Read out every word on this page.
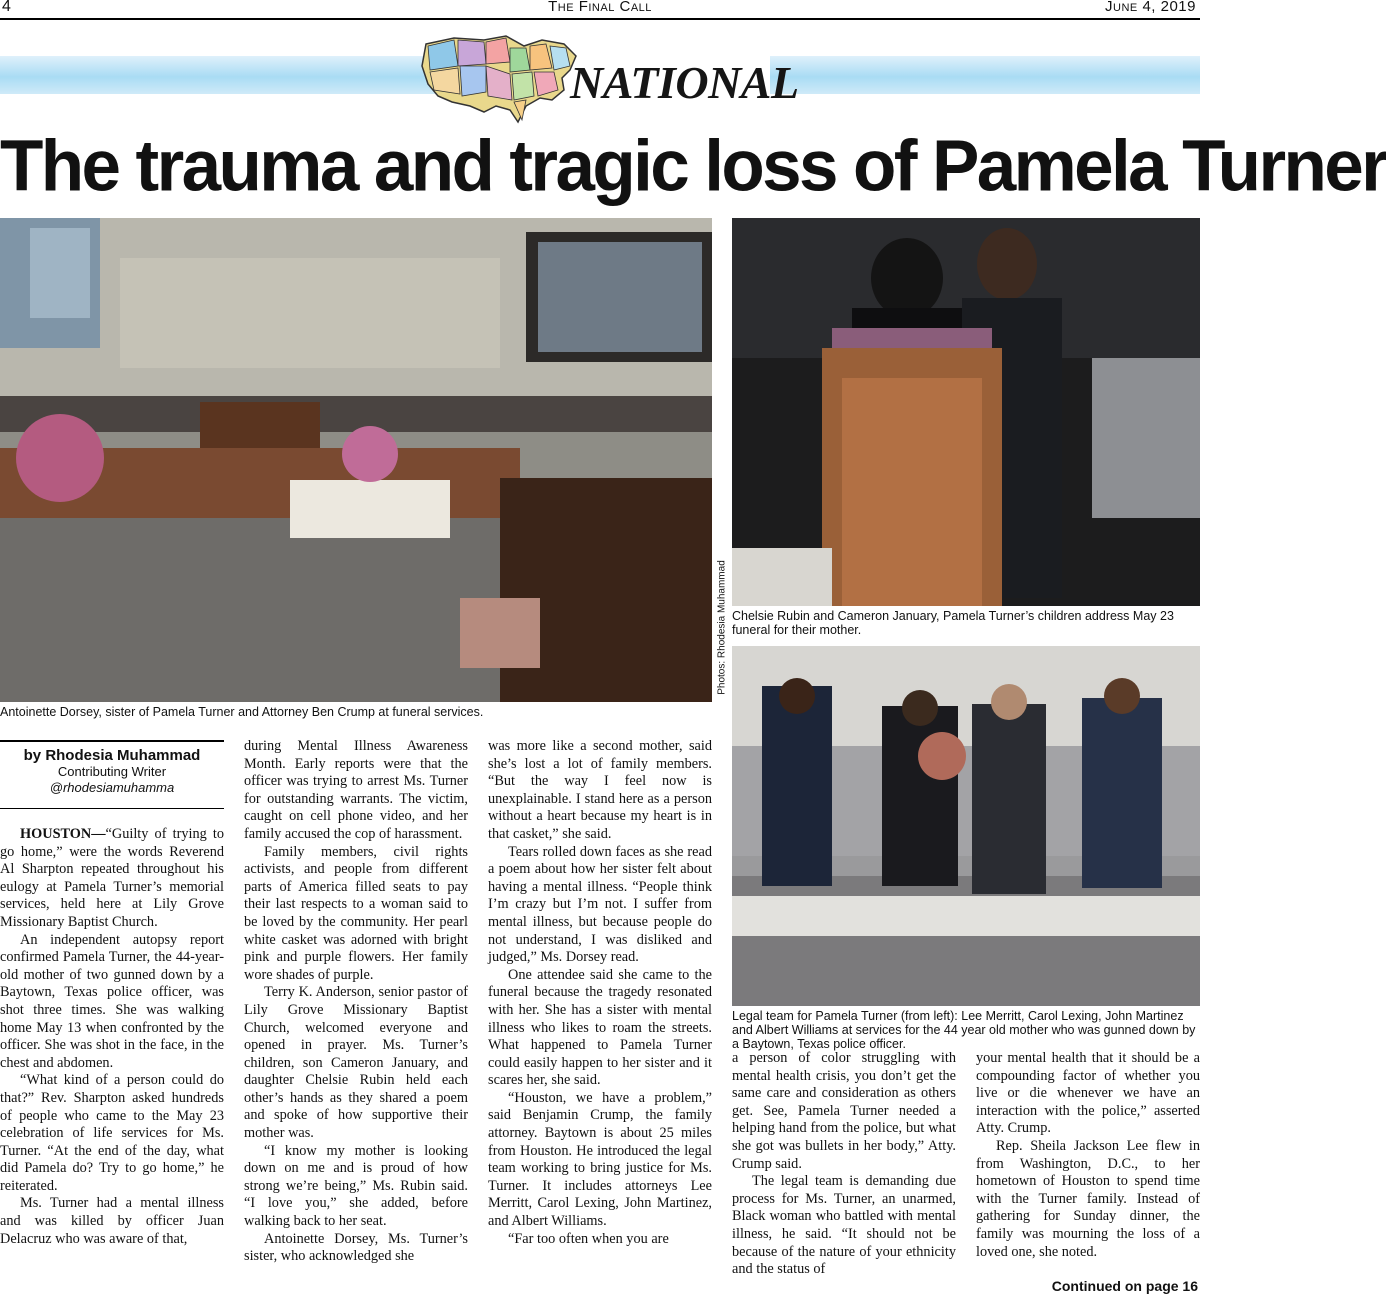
4	The Final Call	June 4, 2019
NATIONAL
The trauma and tragic loss of Pamela Turner
Photos: Rhodesia Muhammad
Antoinette Dorsey, sister of Pamela Turner and Attorney Ben Crump at funeral services.
Chelsie Rubin and Cameron January, Pamela Turner’s children address May 23 funeral for their mother.
Legal team for Pamela Turner (from left): Lee Merritt, Carol Lexing, John Martinez and Albert Williams at services for the 44 year old mother who was gunned down by a Baytown, Texas police officer.
by Rhodesia Muhammad
Contributing Writer
@rhodesiamuhamma

HOUSTON—“Guilty of trying to go home,” were the words Reverend Al Sharpton repeated throughout his eulogy at Pamela Turner’s memorial services, held here at Lily Grove Missionary Baptist Church.

An independent autopsy report confirmed Pamela Turner, the 44-year-old mother of two gunned down by a Baytown, Texas police officer, was shot three times. She was walking home May 13 when confronted by the officer. She was shot in the face, in the chest and abdomen.

“What kind of a person could do that?” Rev. Sharpton asked hundreds of people who came to the May 23 celebration of life services for Ms. Turner. “At the end of the day, what did Pamela do? Try to go home,” he reiterated.

Ms. Turner had a mental illness and was killed by officer Juan Delacruz who was aware of that,

during Mental Illness Awareness Month. Early reports were that the officer was trying to arrest Ms. Turner for outstanding warrants. The victim, caught on cell phone video, and her family accused the cop of harassment.

Family members, civil rights activists, and people from different parts of America filled seats to pay their last respects to a woman said to be loved by the community. Her pearl white casket was adorned with bright pink and purple flowers. Her family wore shades of purple.

Terry K. Anderson, senior pastor of Lily Grove Missionary Baptist Church, welcomed everyone and opened in prayer. Ms. Turner’s children, son Cameron January, and daughter Chelsie Rubin held each other’s hands as they shared a poem and spoke of how supportive their mother was.

“I know my mother is looking down on me and is proud of how strong we’re being,” Ms. Rubin said. “I love you,” she added, before walking back to her seat.

Antoinette Dorsey, Ms. Turner’s sister, who acknowledged she

was more like a second mother, said she’s lost a lot of family members. “But the way I feel now is unexplainable. I stand here as a person without a heart because my heart is in that casket,” she said.

Tears rolled down faces as she read a poem about how her sister felt about having a mental illness. “People think I’m crazy but I’m not. I suffer from mental illness, but because people do not understand, I was disliked and judged,” Ms. Dorsey read.

One attendee said she came to the funeral because the tragedy resonated with her. She has a sister with mental illness who likes to roam the streets. What happened to Pamela Turner could easily happen to her sister and it scares her, she said.

“Houston, we have a problem,” said Benjamin Crump, the family attorney. Baytown is about 25 miles from Houston. He introduced the legal team working to bring justice for Ms. Turner. It includes attorneys Lee Merritt, Carol Lexing, John Martinez, and Albert Williams.

“Far too often when you are

a person of color struggling with mental health crisis, you don’t get the same care and consideration as others get. See, Pamela Turner needed a helping hand from the police, but what she got was bullets in her body,” Atty. Crump said.

The legal team is demanding due process for Ms. Turner, an unarmed, Black woman who battled with mental illness, he said. “It should not be because of the nature of your ethnicity and the status of

your mental health that it should be a compounding factor of whether you live or die whenever we have an interaction with the police,” asserted Atty. Crump.

Rep. Sheila Jackson Lee flew in from Washington, D.C., to her hometown of Houston to spend time with the Turner family. Instead of gathering for Sunday dinner, the family was mourning the loss of a loved one, she noted.

Continued on page 16
